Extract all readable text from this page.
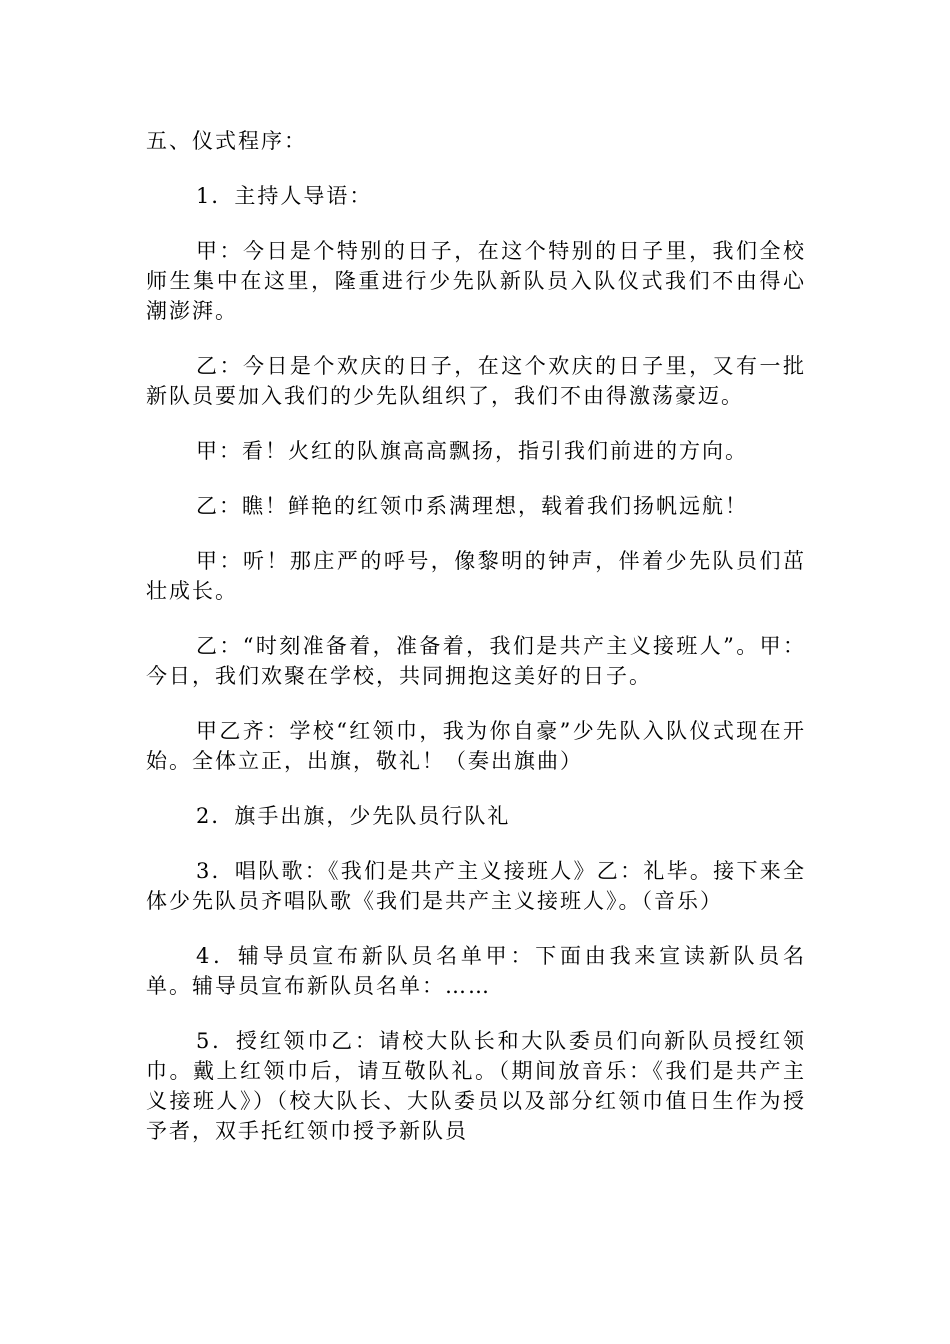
五、仪式程序：

1．主持人导语：

甲：今日是个特别的日子，在这个特别的日子里，我们全校师生集中在这里，隆重进行少先队新队员入队仪式我们不由得心潮澎湃。

乙：今日是个欢庆的日子，在这个欢庆的日子里，又有一批新队员要加入我们的少先队组织了，我们不由得激荡豪迈。

甲：看！火红的队旗高高飘扬，指引我们前进的方向。

乙：瞧！鲜艳的红领巾系满理想，载着我们扬帆远航！

甲：听！那庄严的呼号，像黎明的钟声，伴着少先队员们茁壮成长。

乙：“时刻准备着，准备着，我们是共产主义接班人”。甲：今日，我们欢聚在学校，共同拥抱这美好的日子。

甲乙齐：学校“红领巾，我为你自豪”少先队入队仪式现在开始。全体立正，出旗，敬礼！（奏出旗曲）

2．旗手出旗，少先队员行队礼

3．唱队歌：《我们是共产主义接班人》乙：礼毕。接下来全体少先队员齐唱队歌《我们是共产主义接班人》。（音乐）

4．辅导员宣布新队员名单甲：下面由我来宣读新队员名单。辅导员宣布新队员名单：……

5．授红领巾乙：请校大队长和大队委员们向新队员授红领巾。戴上红领巾后，请互敬队礼。（期间放音乐：《我们是共产主义接班人》）（校大队长、大队委员以及部分红领巾值日生作为授予者，双手托红领巾授予新队员
